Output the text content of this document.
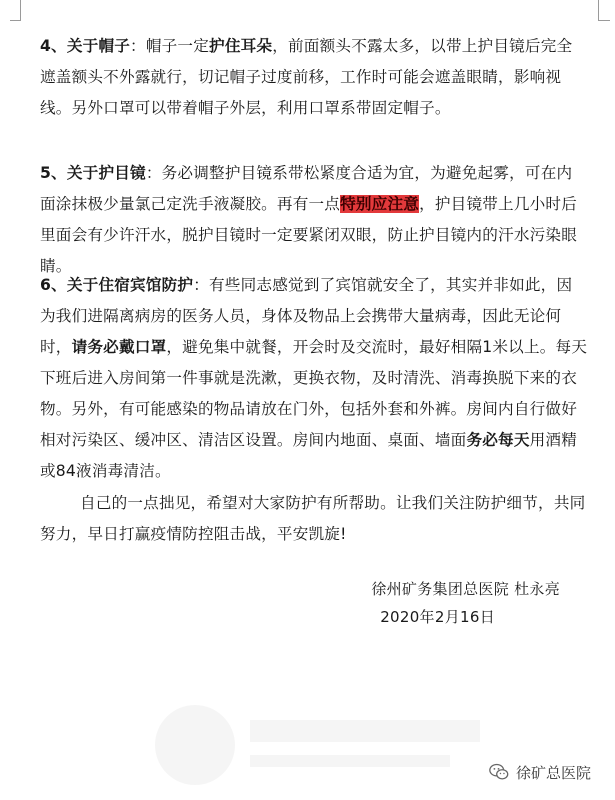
4、关于帽子：帽子一定护住耳朵，前面额头不露太多，以带上护目镜后完全遮盖额头不外露就行，切记帽子过度前移，工作时可能会遮盖眼睛，影响视线。另外口罩可以带着帽子外层，利用口罩系带固定帽子。

5、关于护目镜：务必调整护目镜系带松紧度合适为宜，为避免起雾，可在内面涂抹极少量氯己定洗手液凝胶。再有一点特别应注意，护目镜带上几小时后里面会有少许汗水，脱护目镜时一定要紧闭双眼，防止护目镜内的汗水污染眼睛。

6、关于住宿宾馆防护：有些同志感觉到了宾馆就安全了，其实并非如此，因为我们进隔离病房的医务人员，身体及物品上会携带大量病毒，因此无论何时，请务必戴口罩，避免集中就餐，开会时及交流时，最好相隔1米以上。每天下班后进入房间第一件事就是洗漱，更换衣物，及时清洗、消毒换脱下来的衣物。另外，有可能感染的物品请放在门外，包括外套和外裤。房间内自行做好相对污染区、缓冲区、清洁区设置。房间内地面、桌面、墙面务必每天用酒精或84液消毒清洁。

自己的一点拙见，希望对大家防护有所帮助。让我们关注防护细节，共同努力，早日打赢疫情防控阻击战，平安凯旋!

徐州矿务集团总医院 杜永亮
2020年2月16日
徐矿总医院
